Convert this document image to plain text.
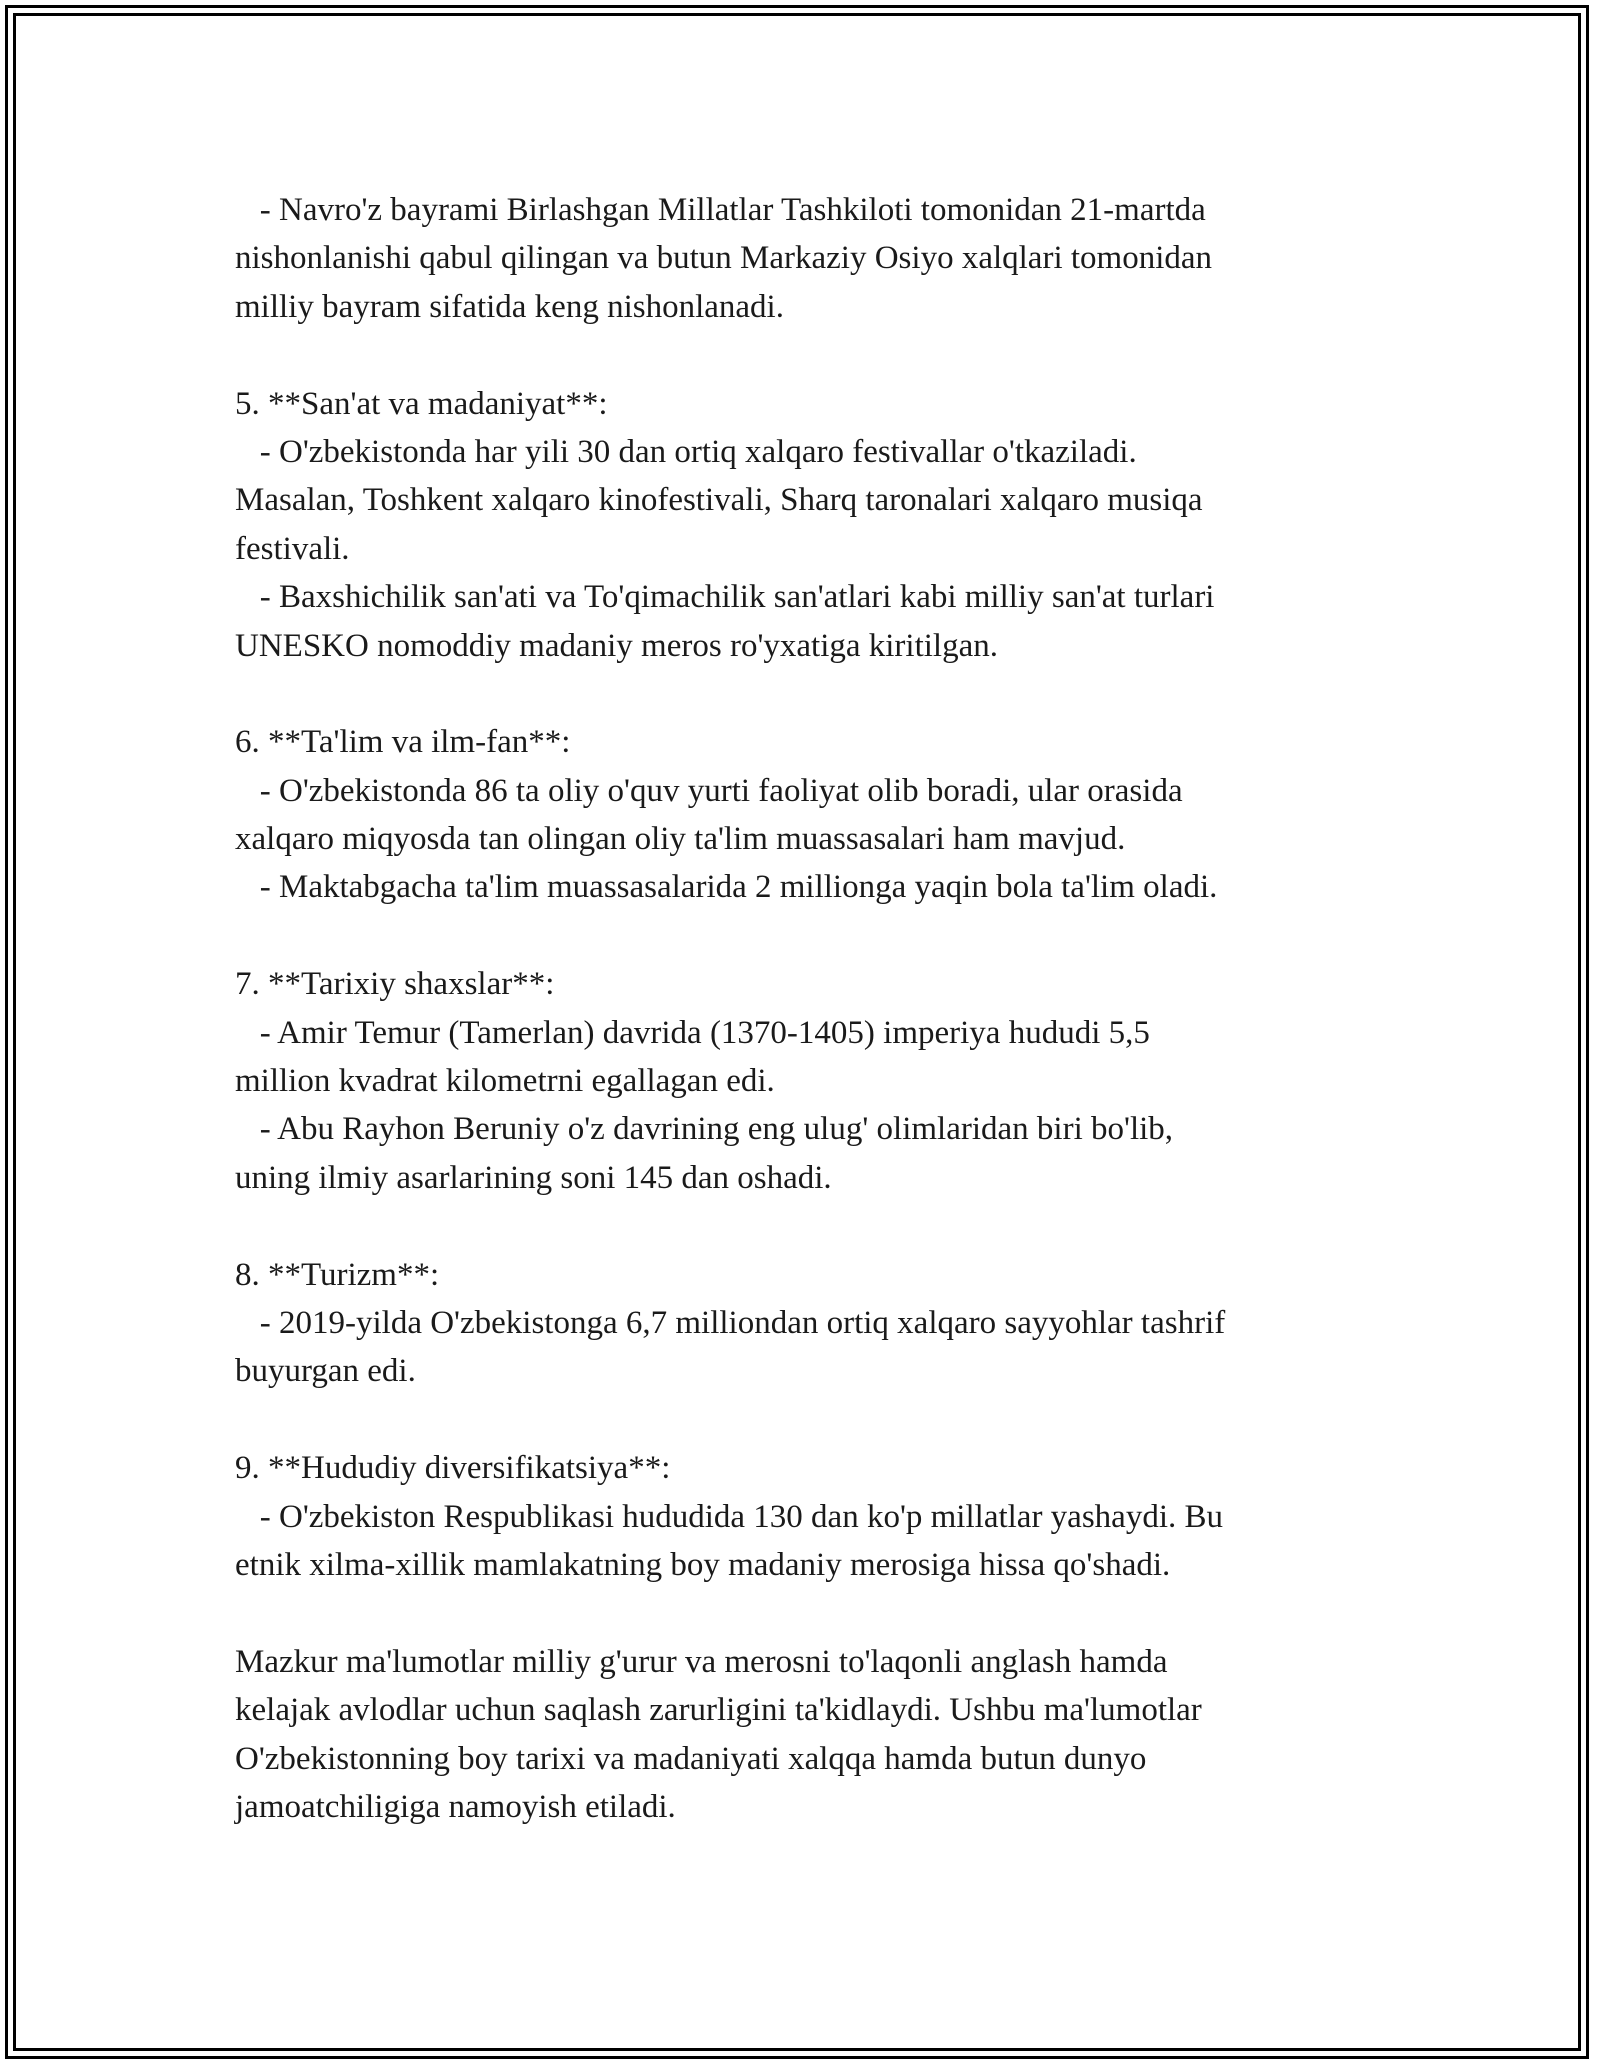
- Navro'z bayrami Birlashgan Millatlar Tashkiloti tomonidan 21-martda
nishonlanishi qabul qilingan va butun Markaziy Osiyo xalqlari tomonidan
milliy bayram sifatida keng nishonlanadi.
5. **San'at va madaniyat**:
- O'zbekistonda har yili 30 dan ortiq xalqaro festivallar o'tkaziladi.
Masalan, Toshkent xalqaro kinofestivali, Sharq taronalari xalqaro musiqa
festivali.
- Baxshichilik san'ati va To'qimachilik san'atlari kabi milliy san'at turlari
UNESKO nomoddiy madaniy meros ro'yxatiga kiritilgan.
6. **Ta'lim va ilm-fan**:
- O'zbekistonda 86 ta oliy o'quv yurti faoliyat olib boradi, ular orasida
xalqaro miqyosda tan olingan oliy ta'lim muassasalari ham mavjud.
- Maktabgacha ta'lim muassasalarida 2 millionga yaqin bola ta'lim oladi.
7. **Tarixiy shaxslar**:
- Amir Temur (Tamerlan) davrida (1370-1405) imperiya hududi 5,5
million kvadrat kilometrni egallagan edi.
- Abu Rayhon Beruniy o'z davrining eng ulug' olimlaridan biri bo'lib,
uning ilmiy asarlarining soni 145 dan oshadi.
8. **Turizm**:
- 2019-yilda O'zbekistonga 6,7 milliondan ortiq xalqaro sayyohlar tashrif
buyurgan edi.
9. **Hududiy diversifikatsiya**:
- O'zbekiston Respublikasi hududida 130 dan ko'p millatlar yashaydi. Bu
etnik xilma-xillik mamlakatning boy madaniy merosiga hissa qo'shadi.
Mazkur ma'lumotlar milliy g'urur va merosni to'laqonli anglash hamda
kelajak avlodlar uchun saqlash zarurligini ta'kidlaydi. Ushbu ma'lumotlar
O'zbekistonning boy tarixi va madaniyati xalqqa hamda butun dunyo
jamoatchiligiga namoyish etiladi.
